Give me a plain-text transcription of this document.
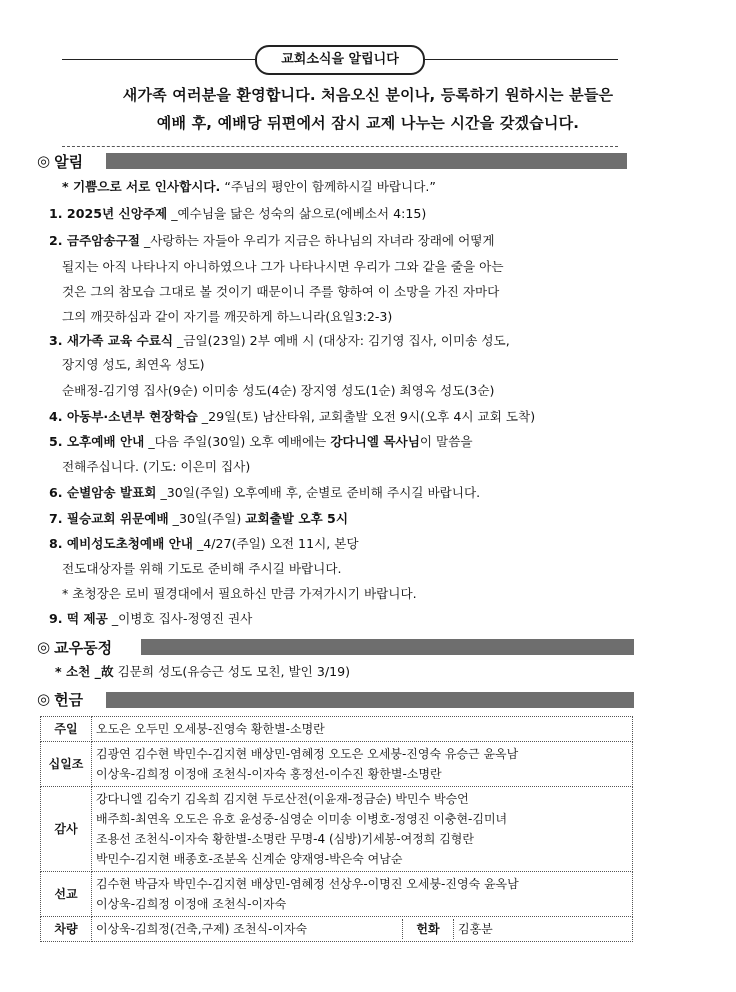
교회소식을 알립니다
새가족 여러분을 환영합니다. 처음오신 분이나, 등록하기 원하시는 분들은
예배 후, 예배당 뒤편에서 잠시 교제 나누는 시간을 갖겠습니다.
◎ 알림
* 기쁨으로 서로 인사합시다. “주님의 평안이 함께하시길 바랍니다.”
1. 2025년 신앙주제 _예수님을 닮은 성숙의 삶으로(에베소서 4:15)
2. 금주암송구절 _사랑하는 자들아 우리가 지금은 하나님의 자녀라 장래에 어떻게
될지는 아직 나타나지 아니하였으나 그가 나타나시면 우리가 그와 같을 줄을 아는
것은 그의 참모습 그대로 볼 것이기 때문이니 주를 향하여 이 소망을 가진 자마다
그의 깨끗하심과 같이 자기를 깨끗하게 하느니라(요일3:2-3)
3. 새가족 교육 수료식 _금일(23일) 2부 예배 시 (대상자: 김기영 집사, 이미송 성도,
장지영 성도, 최연옥 성도)
순배정-김기영 집사(9순) 이미송 성도(4순) 장지영 성도(1순) 최영옥 성도(3순)
4. 아동부·소년부 현장학습 _29일(토) 남산타워, 교회출발 오전 9시(오후 4시 교회 도착)
5. 오후예배 안내 _다음 주일(30일) 오후 예배에는 강다니엘 목사님이 말씀을
전해주십니다. (기도: 이은미 집사)
6. 순별암송 발표회 _30일(주일) 오후예배 후, 순별로 준비해 주시길 바랍니다.
7. 필승교회 위문예배 _30일(주일) 교회출발 오후 5시
8. 예비성도초청예배 안내 _4/27(주일) 오전 11시, 본당
전도대상자를 위해 기도로 준비해 주시길 바랍니다.
* 초청장은 로비 필경대에서 필요하신 만큼 가져가시기 바랍니다.
9. 떡 제공 _이병호 집사-정영진 권사
◎ 교우동정
* 소천 _故 김문희 성도(유승근 성도 모친, 발인 3/19)
◎ 헌금
주일	오도은 오두민 오세붕-진영숙 황한별-소명란

십일조	김광연 김수현 박민수-김지현 배상민-염혜정 오도은 오세붕-진영숙 유승근 윤옥남
이상욱-김희정 이정애 조천식-이자숙 홍정선-이수진 황한별-소명란

감사	강다니엘 김숙기 김옥희 김지현 두로산전(이윤재-정금순) 박민수 박승언
배주희-최연옥 오도은 유호 윤성중-심영순 이미송 이병호-정영진 이충현-김미녀
조용선 조천식-이자숙 황한별-소명란 무명-4 (심방)기세봉-여정희 김형란
박민수-김지현 배종호-조분옥 신계순 양재영-박은숙 여남순

선교	김수현 박금자 박민수-김지현 배상민-염혜정 선상우-이명진 오세붕-진영숙 윤옥남
이상욱-김희정 이정애 조천식-이자숙

차량	이상욱-김희정(건축,구제) 조천식-이자숙 헌화 김홍분
